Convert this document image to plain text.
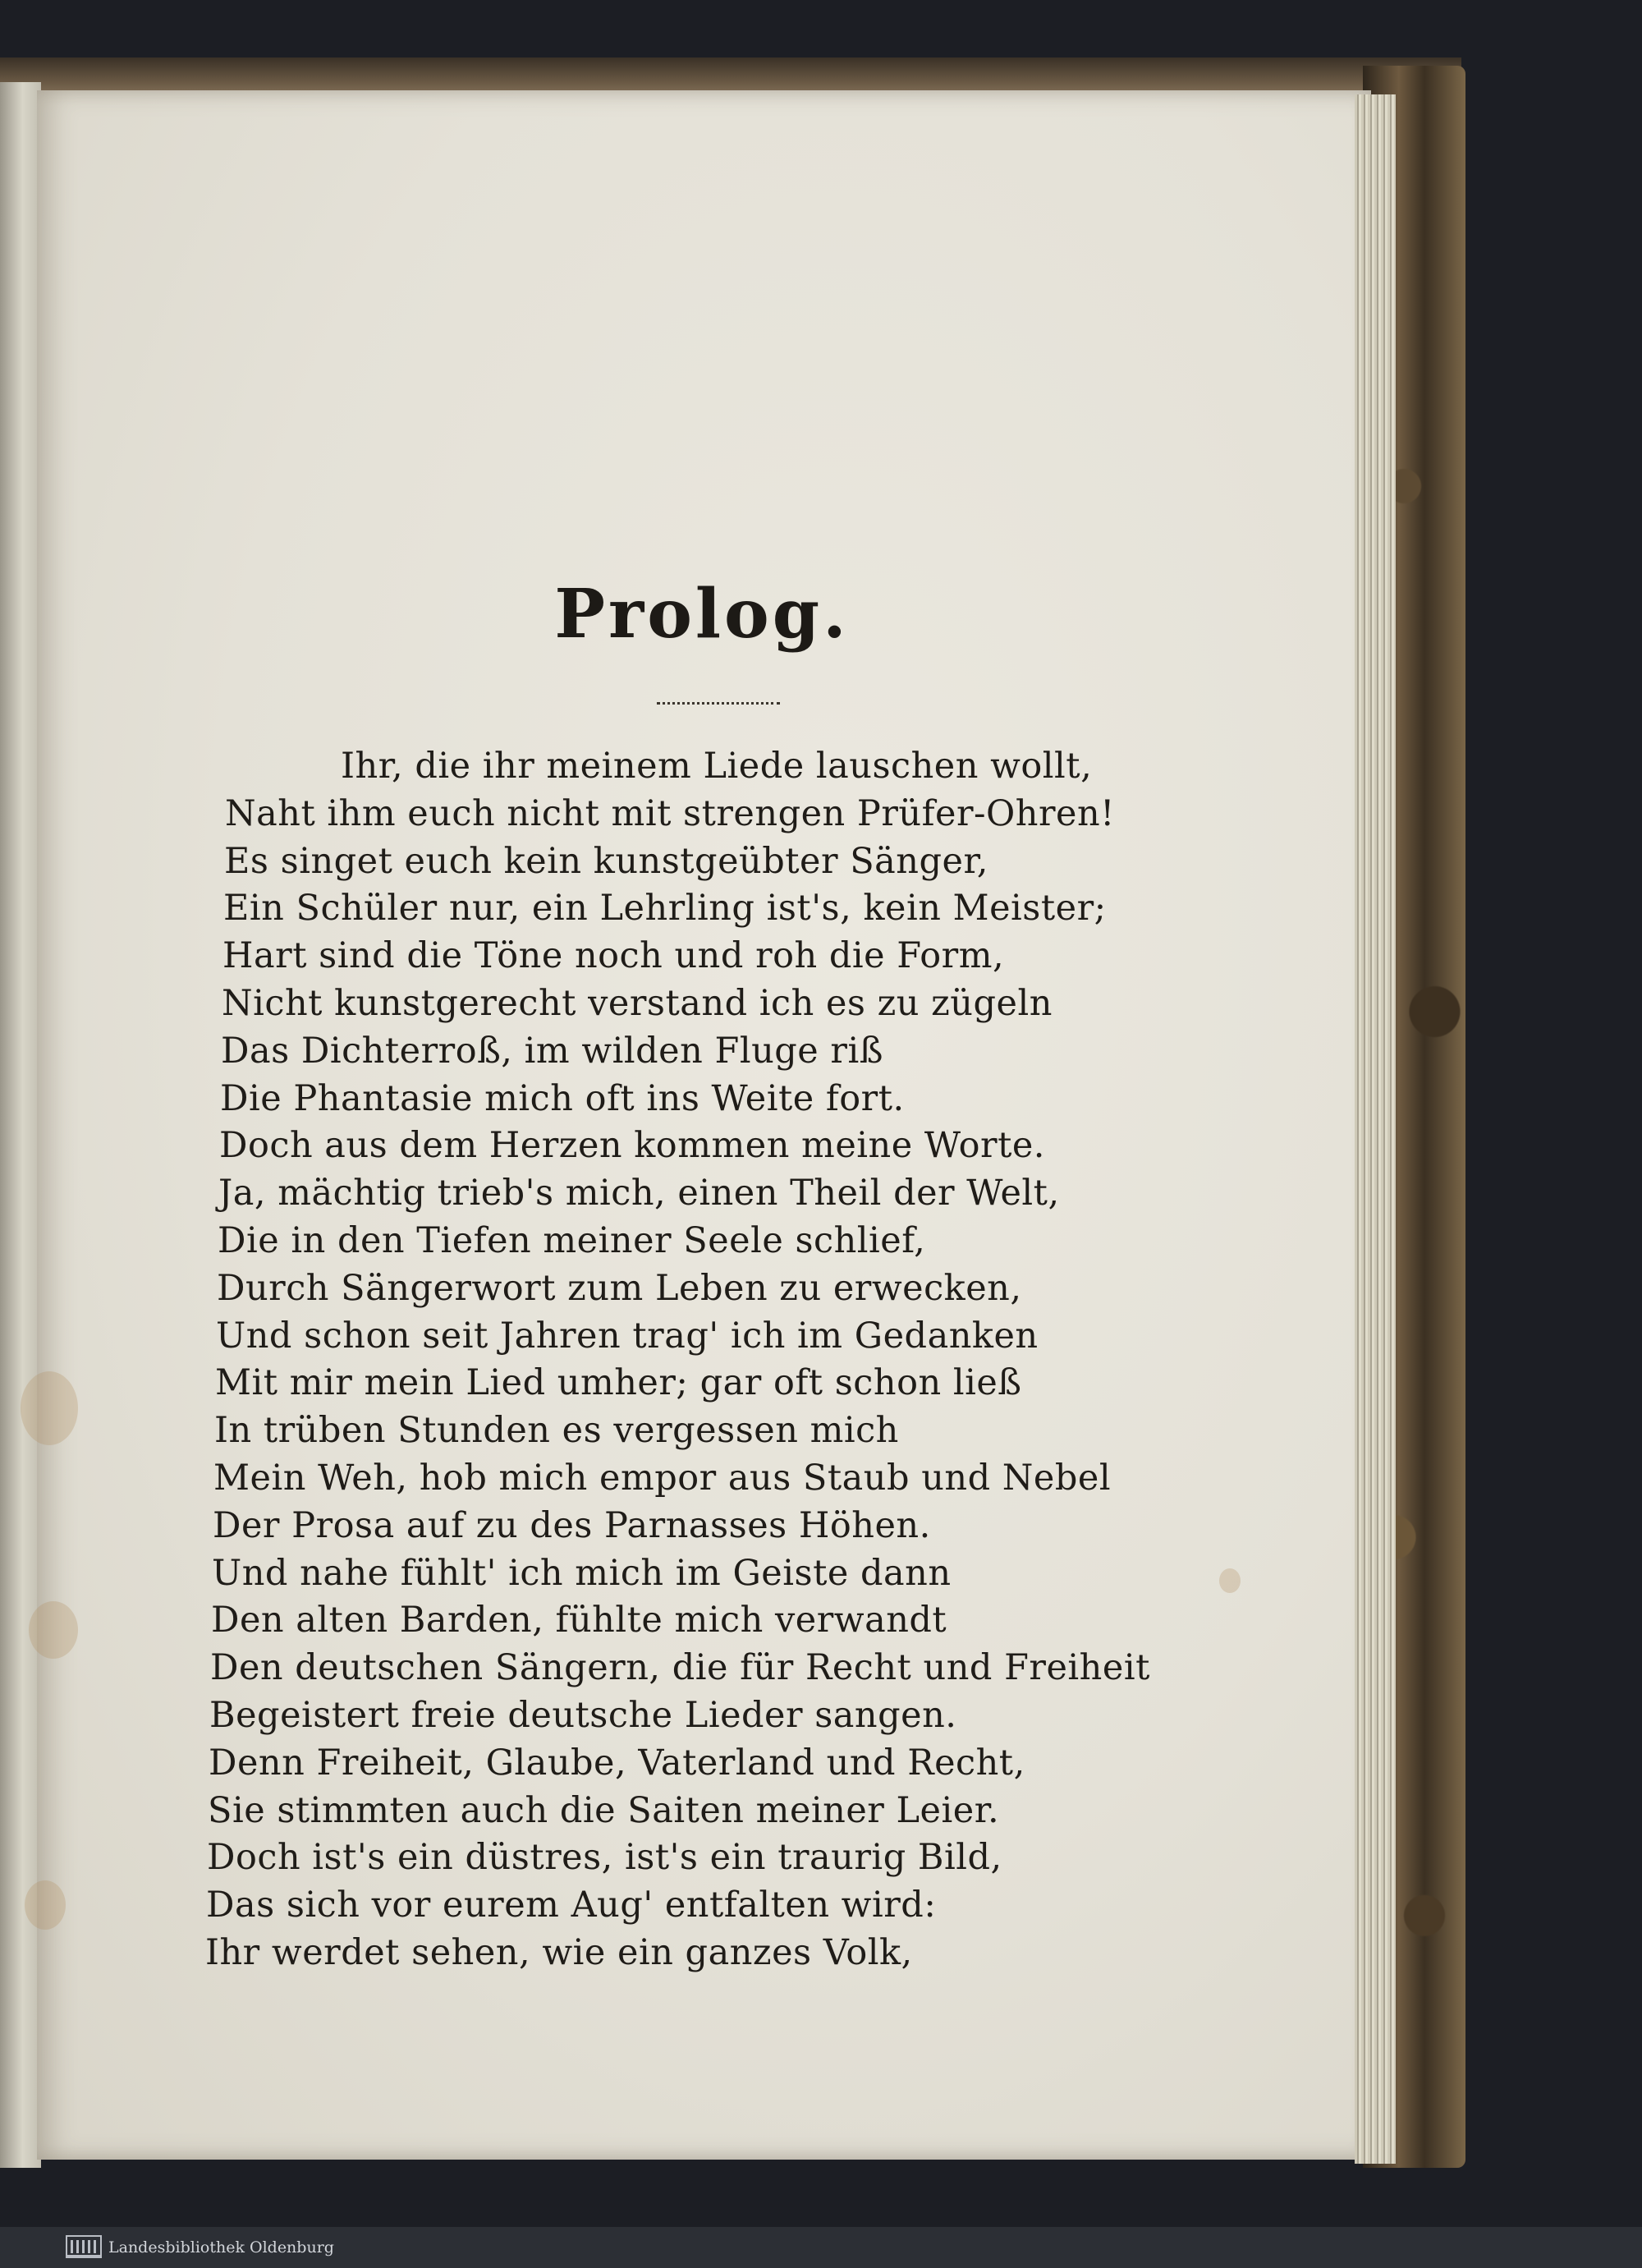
Prolog.
Ihr, die ihr meinem Liede lauschen wollt,
Naht ihm euch nicht mit strengen Prüfer-Ohren!
Es singet euch kein kunstgeübter Sänger,
Ein Schüler nur, ein Lehrling ist's, kein Meister;
Hart sind die Töne noch und roh die Form,
Nicht kunstgerecht verstand ich es zu zügeln
Das Dichterroß, im wilden Fluge riß
Die Phantasie mich oft ins Weite fort.
Doch aus dem Herzen kommen meine Worte.
Ja, mächtig trieb's mich, einen Theil der Welt,
Die in den Tiefen meiner Seele schlief,
Durch Sängerwort zum Leben zu erwecken,
Und schon seit Jahren trag' ich im Gedanken
Mit mir mein Lied umher; gar oft schon ließ
In trüben Stunden es vergessen mich
Mein Weh, hob mich empor aus Staub und Nebel
Der Prosa auf zu des Parnasses Höhen.
Und nahe fühlt' ich mich im Geiste dann
Den alten Barden, fühlte mich verwandt
Den deutschen Sängern, die für Recht und Freiheit
Begeistert freie deutsche Lieder sangen.
Denn Freiheit, Glaube, Vaterland und Recht,
Sie stimmten auch die Saiten meiner Leier.
Doch ist's ein düstres, ist's ein traurig Bild,
Das sich vor eurem Aug' entfalten wird:
Ihr werdet sehen, wie ein ganzes Volk,
Landesbibliothek Oldenburg
